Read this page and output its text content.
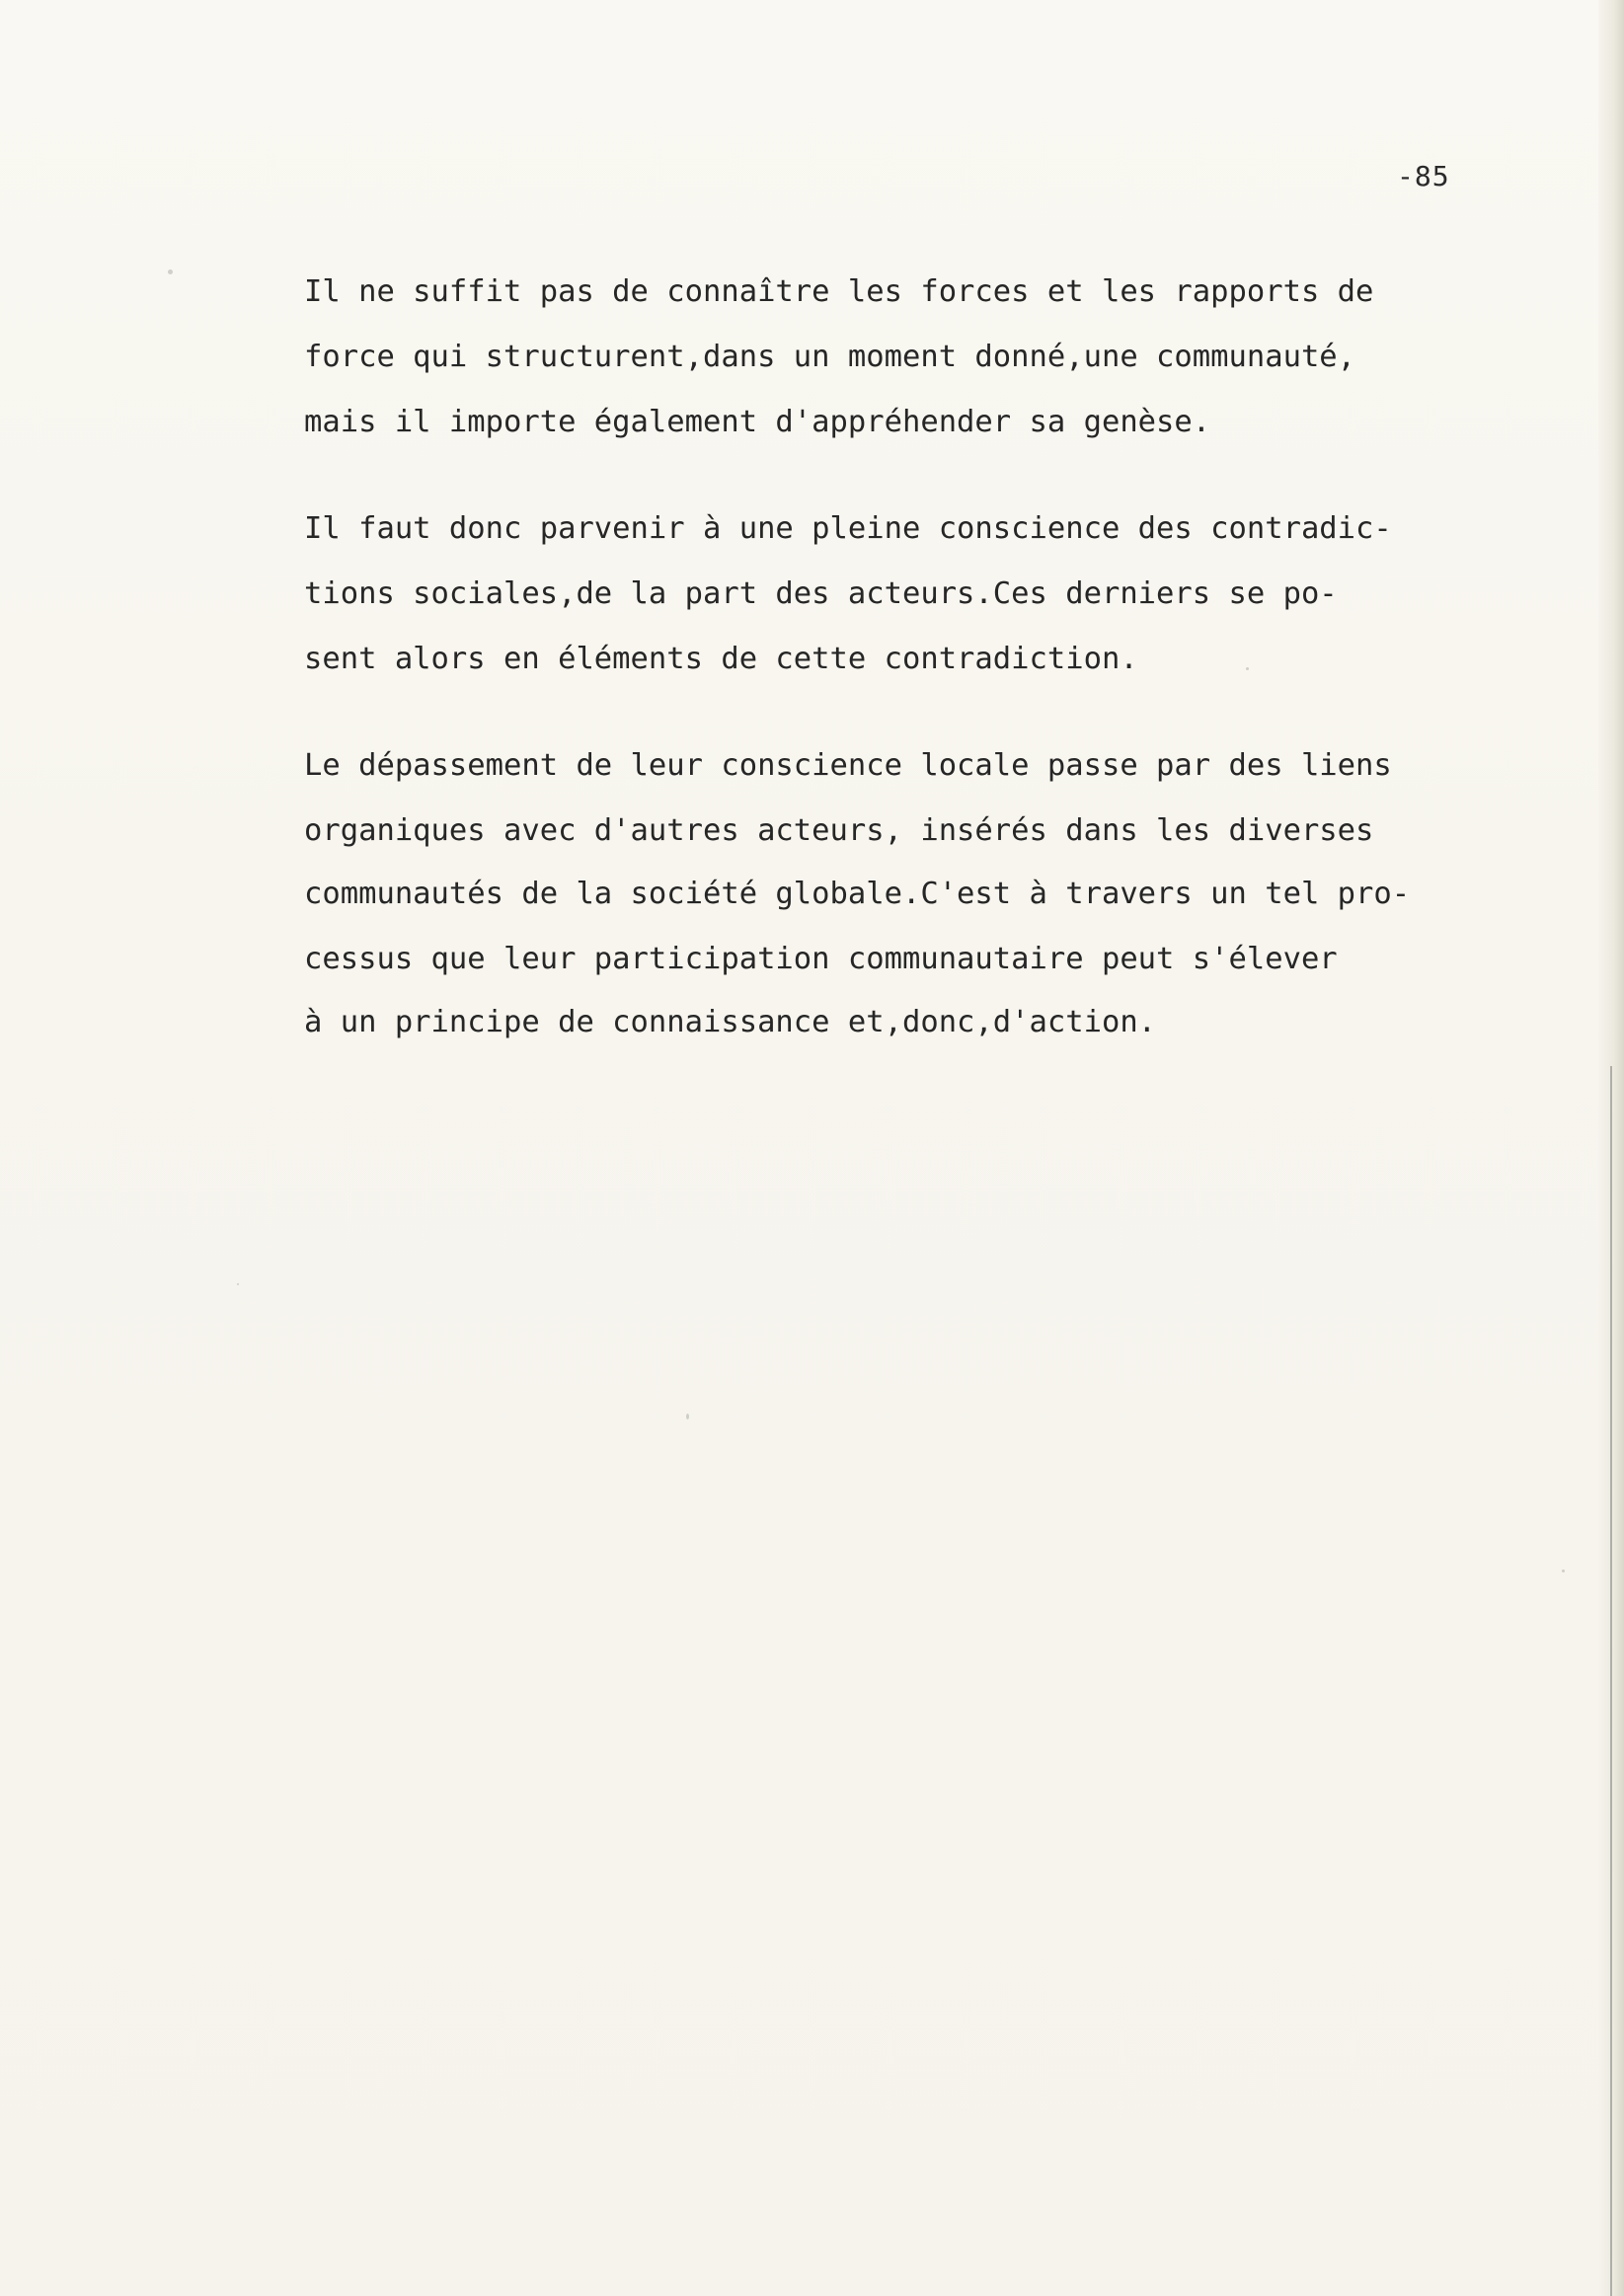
-85

Il ne suffit pas de connaître les forces et les rapports de

force qui structurent,dans un moment donné,une communauté,

mais il importe également d'appréhender sa genèse.

Il faut donc parvenir à une pleine conscience des contradic-

tions sociales,de la part des acteurs.Ces derniers se po-

sent alors en éléments de cette contradiction.

Le dépassement de leur conscience locale passe par des liens

organiques avec d'autres acteurs, insérés dans les diverses

communautés de la société globale.C'est à travers un tel pro-

cessus que leur participation communautaire peut s'élever

à un principe de connaissance et,donc,d'action.
